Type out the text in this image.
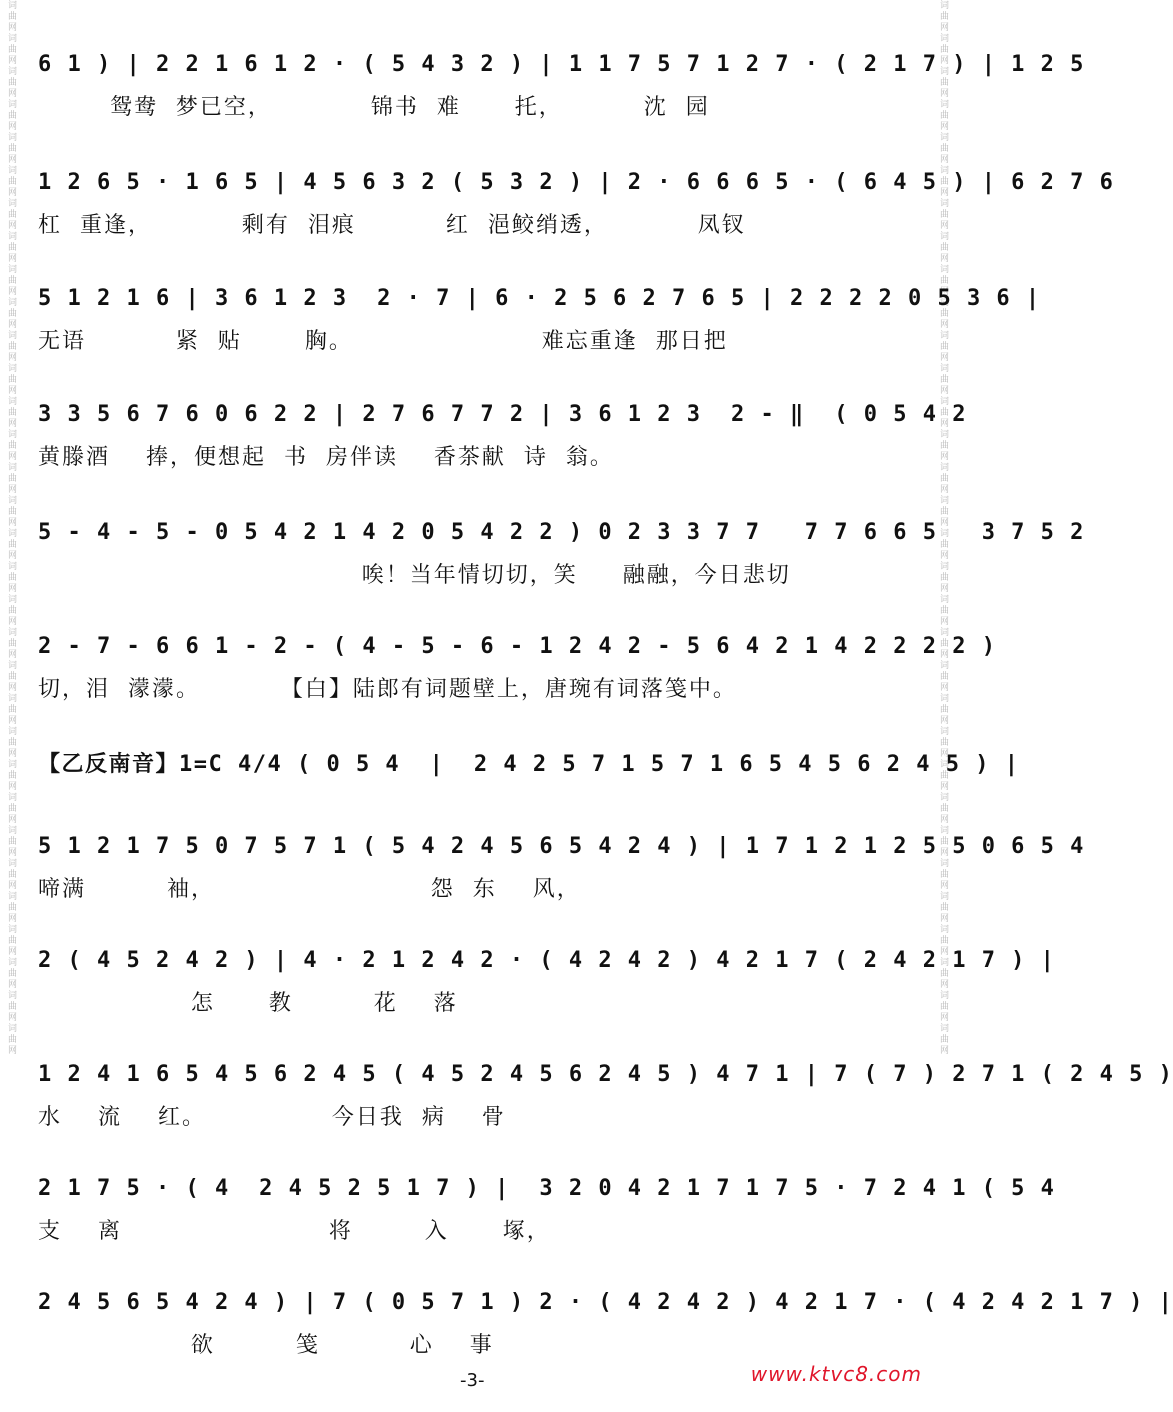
词曲网词曲网词曲网词曲网词曲网词曲网词曲网词曲网词曲网词曲网词曲网词曲网词曲网词曲网词曲网词曲网词曲网词曲网词曲网词曲网词曲网词曲网词曲网词曲网词曲网词曲网词曲网词曲网词曲网词曲网词曲网词曲网	词曲网词曲网词曲网词曲网词曲网词曲网词曲网词曲网词曲网词曲网词曲网词曲网词曲网词曲网词曲网词曲网词曲网词曲网词曲网词曲网词曲网词曲网词曲网词曲网词曲网词曲网词曲网词曲网词曲网词曲网词曲网词曲网
6 1 ) | 2 2 1 6 1 2 · ( 5 4 3 2 ) | 1 1 7 5 7 1 2 7 · ( 2 1 7 ) | 1 2 5
鸳鸯  梦已空，           锦书  难      托，         沈  园
1 2 6 5 · 1 6 5 | 4 5 6 3 2 ( 5 3 2 ) | 2 · 6 6 6 5 · ( 6 4 5 ) | 6 2 7 6
杠  重逢，          剩有  泪痕          红  浥鲛绡透，          凤钗
5 1 2 1 6 | 3 6 1 2 3  2 · 7 | 6 · 2 5 6 2 7 6 5 | 2 2 2 2 0 5 3 6 |
无语          紧  贴       胸。                     难忘重逢  那日把
3 3 5 6 7 6 0 6 2 2 | 2 7 6 7 7 2 | 3 6 1 2 3  2 - ‖  ( 0 5 4 2
黄滕酒    捧，便想起  书  房伴读    香茶献  诗  翁。
5 - 4 - 5 - 0 5 4 2 1 4 2 0 5 4 2 2 ) 0 2 3 3 7 7   7 7 6 6 5   3 7 5 2
唉！当年情切切，笑     融融，今日悲切
2 - 7 - 6 6 1 - 2 - ( 4 - 5 - 6 - 1 2 4 2 - 5 6 4 2 1 4 2 2 2 2 )
切，泪  濛濛。         【白】陆郎有词题壁上，唐琬有词落笺中。
【乙反南音】1=C 4/4 ( 0 5 4  |  2 4 2 5 7 1 5 7 1 6 5 4 5 6 2 4 5 ) |
5 1 2 1 7 5 0 7 5 7 1 ( 5 4 2 4 5 6 5 4 2 4 ) | 1 7 1 2 1 2 5 5 0 6 5 4
啼满         袖，                        怨  东    风，
2 ( 4 5 2 4 2 ) | 4 · 2 1 2 4 2 · ( 4 2 4 2 ) 4 2 1 7 ( 2 4 2 1 7 ) |
怎      教         花    落
1 2 4 1 6 5 4 5 6 2 4 5 ( 4 5 2 4 5 6 2 4 5 ) 4 7 1 | 7 ( 7 ) 2 7 1 ( 2 4 5 )
水    流    红。              今日我  病    骨
2 1 7 5 · ( 4  2 4 5 2 5 1 7 ) |  3 2 0 4 2 1 7 1 7 5 · 7 2 4 1 ( 5 4
支    离                       将        入      塚，
2 4 5 6 5 4 2 4 ) | 7 ( 0 5 7 1 ) 2 · ( 4 2 4 2 ) 4 2 1 7 · ( 4 2 4 2 1 7 ) |
欲         笺          心    事
-3-	www.ktvc8.com
